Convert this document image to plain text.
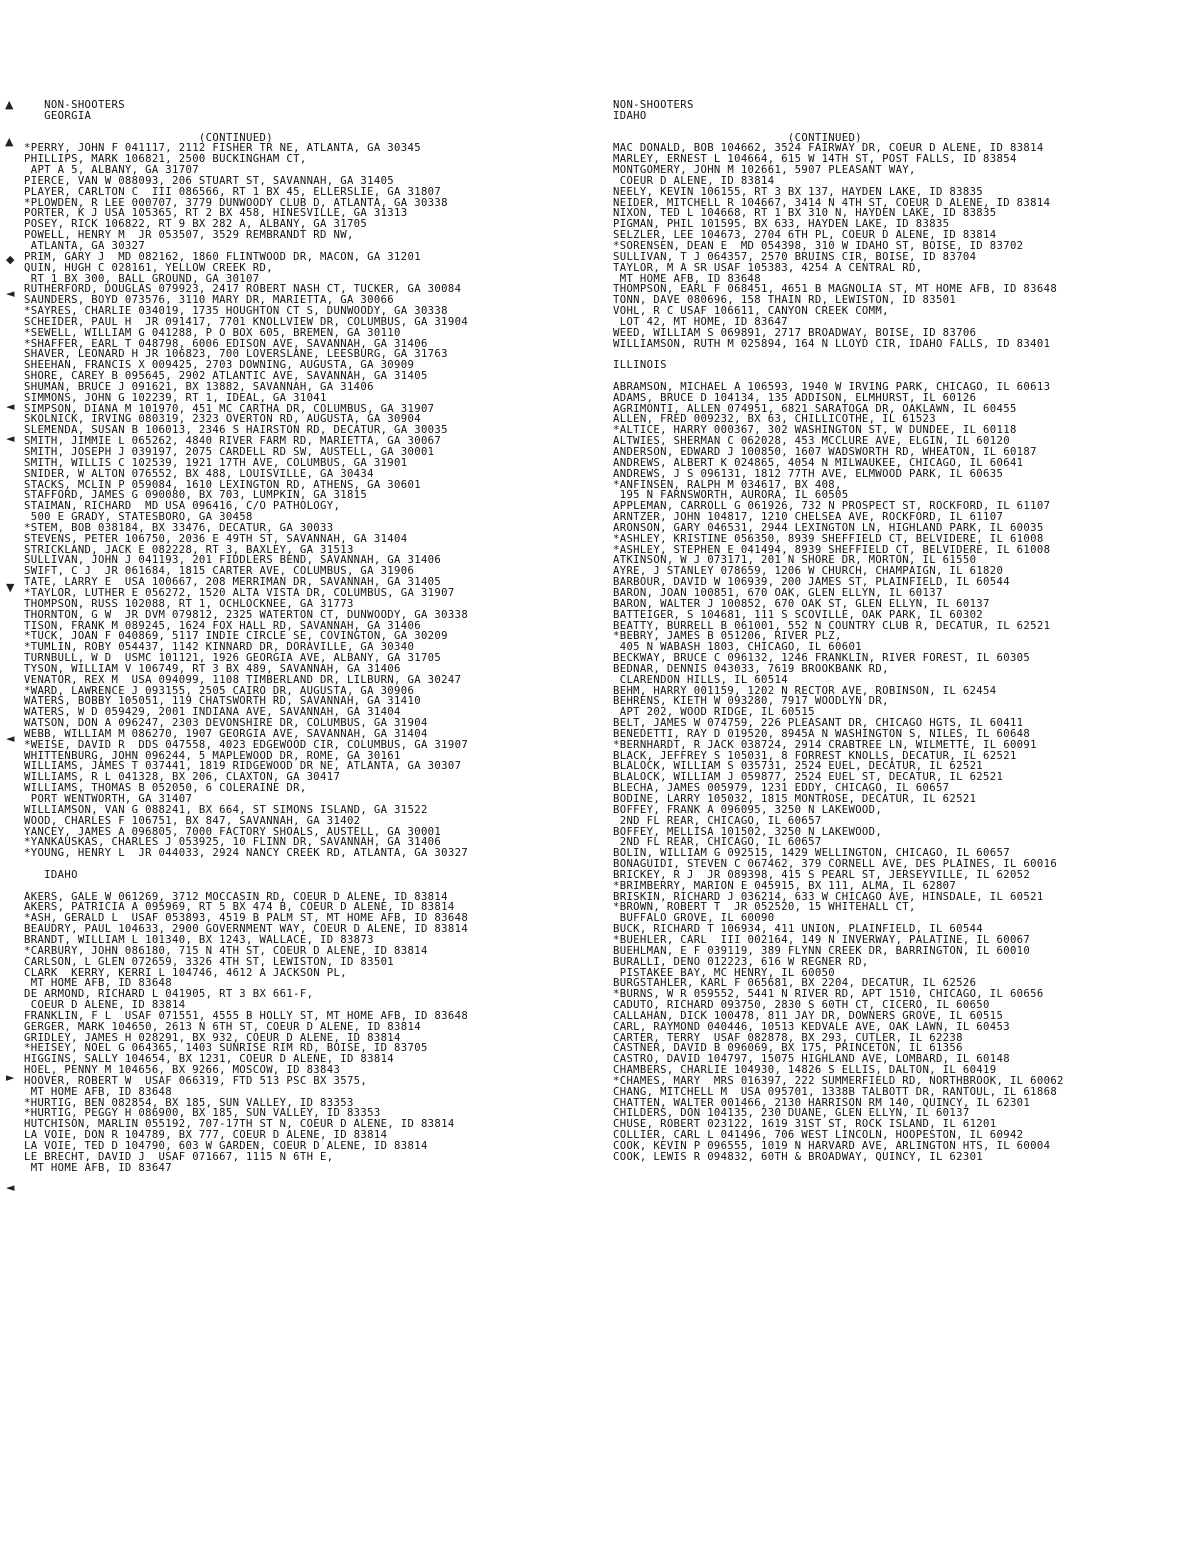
▲
▲
◆
◄
◄
◄
▼
◄
►
◄
NON-SHOOTERS
GEORGIA
(CONTINUED)
*PERRY, JOHN F 041117, 2112 FISHER TR NE, ATLANTA, GA 30345
PHILLIPS, MARK 106821, 2500 BUCKINGHAM CT,
APT A 5, ALBANY, GA 31707
PIERCE, VAN W 088093, 206 STUART ST, SAVANNAH, GA 31405
PLAYER, CARLTON C  III 086566, RT 1 BX 45, ELLERSLIE, GA 31807
*PLOWDEN, R LEE 000707, 3779 DUNWOODY CLUB D, ATLANTA, GA 30338
PORTER, K J USA 105365, RT 2 BX 458, HINESVILLE, GA 31313
POSEY, RICK 106822, RT 9 BX 282 A, ALBANY, GA 31705
POWELL, HENRY M  JR 053507, 3529 REMBRANDT RD NW,
ATLANTA, GA 30327
PRIM, GARY J  MD 082162, 1860 FLINTWOOD DR, MACON, GA 31201
QUIN, HUGH C 028161, YELLOW CREEK RD,
RT 1 BX 300, BALL GROUND, GA 30107
RUTHERFORD, DOUGLAS 079923, 2417 ROBERT NASH CT, TUCKER, GA 30084
SAUNDERS, BOYD 073576, 3110 MARY DR, MARIETTA, GA 30066
*SAYRES, CHARLIE 034019, 1735 HOUGHTON CT S, DUNWOODY, GA 30338
SCHEIDER, PAUL H  JR 091417, 7701 KNOLLVIEW DR, COLUMBUS, GA 31904
*SEWELL, WILLIAM G 041288, P O BOX 605, BREMEN, GA 30110
*SHAFFER, EARL T 048798, 6006 EDISON AVE, SAVANNAH, GA 31406
SHAVER, LEONARD H JR 106823, 700 LOVERSLANE, LEESBURG, GA 31763
SHEEHAN, FRANCIS X 009425, 2703 DOWNING, AUGUSTA, GA 30909
SHORE, CAREY B 095645, 2902 ATLANTIC AVE, SAVANNAH, GA 31405
SHUMAN, BRUCE J 091621, BX 13882, SAVANNAH, GA 31406
SIMMONS, JOHN G 102239, RT 1, IDEAL, GA 31041
SIMPSON, DIANA M 101970, 451 MC CARTHA DR, COLUMBUS, GA 31907
SKOLNICK, IRVING 080319, 2323 OVERTON RD, AUGUSTA, GA 30904
SLEMENDA, SUSAN B 106013, 2346 S HAIRSTON RD, DECATUR, GA 30035
SMITH, JIMMIE L 065262, 4840 RIVER FARM RD, MARIETTA, GA 30067
SMITH, JOSEPH J 039197, 2075 CARDELL RD SW, AUSTELL, GA 30001
SMITH, WILLIS C 102539, 1921 17TH AVE, COLUMBUS, GA 31901
SNIDER, W ALTON 076552, BX 488, LOUISVILLE, GA 30434
STACKS, MCLIN P 059084, 1610 LEXINGTON RD, ATHENS, GA 30601
STAFFORD, JAMES G 090080, BX 703, LUMPKIN, GA 31815
STAIMAN, RICHARD  MD USA 096416, C/O PATHOLOGY,
500 E GRADY, STATESBORO, GA 30458
*STEM, BOB 038184, BX 33476, DECATUR, GA 30033
STEVENS, PETER 106750, 2036 E 49TH ST, SAVANNAH, GA 31404
STRICKLAND, JACK E 082228, RT 3, BAXLEY, GA 31513
SULLIVAN, JOHN J 041193, 201 FIDDLERS BEND, SAVANNAH, GA 31406
SWIFT, C J  JR 061684, 1815 CARTER AVE, COLUMBUS, GA 31906
TATE, LARRY E  USA 100667, 208 MERRIMAN DR, SAVANNAH, GA 31405
*TAYLOR, LUTHER E 056272, 1520 ALTA VISTA DR, COLUMBUS, GA 31907
THOMPSON, RUSS 102088, RT 1, OCHLOCKNEE, GA 31773
THORNTON, G W  JR DVM 079812, 2325 WATERTON CT, DUNWOODY, GA 30338
TISON, FRANK M 089245, 1624 FOX HALL RD, SAVANNAH, GA 31406
*TUCK, JOAN F 040869, 5117 INDIE CIRCLE SE, COVINGTON, GA 30209
*TUMLIN, ROBY 054437, 1142 KINNARD DR, DORAVILLE, GA 30340
TURNBULL, W D  USMC 101121, 1926 GEORGIA AVE, ALBANY, GA 31705
TYSON, WILLIAM V 106749, RT 3 BX 489, SAVANNAH, GA 31406
VENATOR, REX M  USA 094099, 1108 TIMBERLAND DR, LILBURN, GA 30247
*WARD, LAWRENCE J 093155, 2505 CAIRO DR, AUGUSTA, GA 30906
WATERS, BOBBY 105051, 119 CHATSWORTH RD, SAVANNAH, GA 31410
WATERS, W D 059429, 2001 INDIANA AVE, SAVANNAH, GA 31404
WATSON, DON A 096247, 2303 DEVONSHIRE DR, COLUMBUS, GA 31904
WEBB, WILLIAM M 086270, 1907 GEORGIA AVE, SAVANNAH, GA 31404
*WEISE, DAVID R  DDS 047558, 4023 EDGEWOOD CIR, COLUMBUS, GA 31907
WHITTENBURG, JOHN 096244, 5 MAPLEWOOD DR, ROME, GA 30161
WILLIAMS, JAMES T 037441, 1819 RIDGEWOOD DR NE, ATLANTA, GA 30307
WILLIAMS, R L 041328, BX 206, CLAXTON, GA 30417
WILLIAMS, THOMAS B 052050, 6 COLERAINE DR,
PORT WENTWORTH, GA 31407
WILLIAMSON, VAN G 088241, BX 664, ST SIMONS ISLAND, GA 31522
WOOD, CHARLES F 106751, BX 847, SAVANNAH, GA 31402
YANCEY, JAMES A 096805, 7000 FACTORY SHOALS, AUSTELL, GA 30001
*YANKAUSKAS, CHARLES J 053925, 10 FLINN DR, SAVANNAH, GA 31406
*YOUNG, HENRY L  JR 044033, 2924 NANCY CREEK RD, ATLANTA, GA 30327
IDAHO
AKERS, GALE W 061269, 3712 MOCCASIN RD, COEUR D ALENE, ID 83814
AKERS, PATRICIA A 095969, RT 5 BX 474 B, COEUR D ALENE, ID 83814
*ASH, GERALD L  USAF 053893, 4519 B PALM ST, MT HOME AFB, ID 83648
BEAUDRY, PAUL 104633, 2900 GOVERNMENT WAY, COEUR D ALENE, ID 83814
BRANDT, WILLIAM L 101340, BX 1243, WALLACE, ID 83873
*CARBURY, JOHN 086180, 715 N 4TH ST, COEUR D ALENE, ID 83814
CARLSON, L GLEN 072659, 3326 4TH ST, LEWISTON, ID 83501
CLARK  KERRY, KERRI L 104746, 4612 A JACKSON PL,
MT HOME AFB, ID 83648
DE ARMOND, RICHARD L 041905, RT 3 BX 661-F,
COEUR D ALENE, ID 83814
FRANKLIN, F L  USAF 071551, 4555 B HOLLY ST, MT HOME AFB, ID 83648
GERGER, MARK 104650, 2613 N 6TH ST, COEUR D ALENE, ID 83814
GRIDLEY, JAMES H 028291, BX 932, COEUR D ALENE, ID 83814
*HEISEY, NOEL G 064365, 1403 SUNRISE RIM RD, BOISE, ID 83705
HIGGINS, SALLY 104654, BX 1231, COEUR D ALENE, ID 83814
HOEL, PENNY M 104656, BX 9266, MOSCOW, ID 83843
HOOVER, ROBERT W  USAF 066319, FTD 513 PSC BX 3575,
MT HOME AFB, ID 83648
*HURTIG, BEN 082854, BX 185, SUN VALLEY, ID 83353
*HURTIG, PEGGY H 086900, BX 185, SUN VALLEY, ID 83353
HUTCHISON, MARLIN 055192, 707-17TH ST N, COEUR D ALENE, ID 83814
LA VOIE, DON R 104789, BX 777, COEUR D ALENE, ID 83814
LA VOIE, TED D 104790, 603 W GARDEN, COEUR D ALENE, ID 83814
LE BRECHT, DAVID J  USAF 071667, 1115 N 6TH E,
MT HOME AFB, ID 83647
NON-SHOOTERS
IDAHO
(CONTINUED)
MAC DONALD, BOB 104662, 3524 FAIRWAY DR, COEUR D ALENE, ID 83814
MARLEY, ERNEST L 104664, 615 W 14TH ST, POST FALLS, ID 83854
MONTGOMERY, JOHN M 102661, 5907 PLEASANT WAY,
COEUR D ALENE, ID 83814
NEELY, KEVIN 106155, RT 3 BX 137, HAYDEN LAKE, ID 83835
NEIDER, MITCHELL R 104667, 3414 N 4TH ST, COEUR D ALENE, ID 83814
NIXON, TED L 104668, RT 1 BX 310 N, HAYDEN LAKE, ID 83835
PIGMAN, PHIL 101595, BX 633, HAYDEN LAKE, ID 83835
SELZLER, LEE 104673, 2704 6TH PL, COEUR D ALENE, ID 83814
*SORENSEN, DEAN E  MD 054398, 310 W IDAHO ST, BOISE, ID 83702
SULLIVAN, T J 064357, 2570 BRUINS CIR, BOISE, ID 83704
TAYLOR, M A SR USAF 105383, 4254 A CENTRAL RD,
MT HOME AFB, ID 83648
THOMPSON, EARL F 068451, 4651 B MAGNOLIA ST, MT HOME AFB, ID 83648
TONN, DAVE 080696, 158 THAIN RD, LEWISTON, ID 83501
VOHL, R C USAF 106611, CANYON CREEK COMM,
LOT 42, MT HOME, ID 83647
WEED, WILLIAM S 069891, 2717 BROADWAY, BOISE, ID 83706
WILLIAMSON, RUTH M 025894, 164 N LLOYD CIR, IDAHO FALLS, ID 83401
ILLINOIS
ABRAMSON, MICHAEL A 106593, 1940 W IRVING PARK, CHICAGO, IL 60613
ADAMS, BRUCE D 104134, 135 ADDISON, ELMHURST, IL 60126
AGRIMONTI, ALLEN 074951, 6821 SARATOGA DR, OAKLAWN, IL 60455
ALLEN, FRED 009232, BX 63, CHILLICOTHE, IL 61523
*ALTICE, HARRY 000367, 302 WASHINGTON ST, W DUNDEE, IL 60118
ALTWIES, SHERMAN C 062028, 453 MCCLURE AVE, ELGIN, IL 60120
ANDERSON, EDWARD J 100850, 1607 WADSWORTH RD, WHEATON, IL 60187
ANDREWS, ALBERT K 024865, 4054 N MILWAUKEE, CHICAGO, IL 60641
ANDREWS, J S 096131, 1812 77TH AVE, ELMWOOD PARK, IL 60635
*ANFINSEN, RALPH M 034617, BX 408,
195 N FARNSWORTH, AURORA, IL 60505
APPLEMAN, CARROLL G 061926, 732 N PROSPECT ST, ROCKFORD, IL 61107
ARNTZER, JOHN 104817, 1210 CHELSEA AVE, ROCKFORD, IL 61107
ARONSON, GARY 046531, 2944 LEXINGTON LN, HIGHLAND PARK, IL 60035
*ASHLEY, KRISTINE 056350, 8939 SHEFFIELD CT, BELVIDERE, IL 61008
*ASHLEY, STEPHEN E 041494, 8939 SHEFFIELD CT, BELVIDERE, IL 61008
ATKINSON, W J 073171, 201 N SHORE DR, MORTON, IL 61550
AYRE, J STANLEY 078659, 1206 W CHURCH, CHAMPAIGN, IL 61820
BARBOUR, DAVID W 106939, 200 JAMES ST, PLAINFIELD, IL 60544
BARON, JOAN 100851, 670 OAK, GLEN ELLYN, IL 60137
BARON, WALTER J 100852, 670 OAK ST, GLEN ELLYN, IL 60137
BATTEIGER, S 104681, 111 S SCOVILLE, OAK PARK, IL 60302
BEATTY, BURRELL B 061001, 552 N COUNTRY CLUB R, DECATUR, IL 62521
*BEBRY, JAMES B 051206, RIVER PLZ,
405 N WABASH 1803, CHICAGO, IL 60601
BECKWAY, BRUCE C 096132, 1246 FRANKLIN, RIVER FOREST, IL 60305
BEDNAR, DENNIS 043033, 7619 BROOKBANK RD,
CLARENDON HILLS, IL 60514
BEHM, HARRY 001159, 1202 N RECTOR AVE, ROBINSON, IL 62454
BEHRENS, KIETH W 093280, 7917 WOODLYN DR,
APT 202, WOOD RIDGE, IL 60515
BELT, JAMES W 074759, 226 PLEASANT DR, CHICAGO HGTS, IL 60411
BENEDETTI, RAY D 019520, 8945A N WASHINGTON S, NILES, IL 60648
*BERNHARDT, R JACK 038724, 2914 CRABTREE LN, WILMETTE, IL 60091
BLACK, JEFFREY S 105031, 8 FORREST KNOLLS, DECATUR, IL 62521
BLALOCK, WILLIAM S 035731, 2524 EUEL, DECATUR, IL 62521
BLALOCK, WILLIAM J 059877, 2524 EUEL ST, DECATUR, IL 62521
BLECHA, JAMES 005979, 1231 EDDY, CHICAGO, IL 60657
BODINE, LARRY 105032, 1815 MONTROSE, DECATUR, IL 62521
BOFFEY, FRANK A 096095, 3250 N LAKEWOOD,
2ND FL REAR, CHICAGO, IL 60657
BOFFEY, MELLISA 101502, 3250 N LAKEWOOD,
2ND FL REAR, CHICAGO, IL 60657
BOLIN, WILLIAM G 092515, 1429 WELLINGTON, CHICAGO, IL 60657
BONAGUIDI, STEVEN C 067462, 379 CORNELL AVE, DES PLAINES, IL 60016
BRICKEY, R J  JR 089398, 415 S PEARL ST, JERSEYVILLE, IL 62052
*BRIMBERRY, MARION E 045915, BX 111, ALMA, IL 62807
BRISKIN, RICHARD J 036214, 633 W CHICAGO AVE, HINSDALE, IL 60521
*BROWN, ROBERT T  JR 052520, 15 WHITEHALL CT,
BUFFALO GROVE, IL 60090
BUCK, RICHARD T 106934, 411 UNION, PLAINFIELD, IL 60544
*BUEHLER, CARL  III 002164, 149 N INVERWAY, PALATINE, IL 60067
BUEHLMAN, E F 039119, 389 FLYNN CREEK DR, BARRINGTON, IL 60010
BURALLI, DENO 012223, 616 W REGNER RD,
PISTAKEE BAY, MC HENRY, IL 60050
BURGSTAHLER, KARL F 065681, BX 2204, DECATUR, IL 62526
*BURNS, W R 059552, 5441 N RIVER RD, APT 1510, CHICAGO, IL 60656
CADUTO, RICHARD 093750, 2830 S 60TH CT, CICERO, IL 60650
CALLAHAN, DICK 100478, 811 JAY DR, DOWNERS GROVE, IL 60515
CARL, RAYMOND 040446, 10513 KEDVALE AVE, OAK LAWN, IL 60453
CARTER, TERRY  USAF 082878, BX 293, CUTLER, IL 62238
CASTNER, DAVID B 096069, BX 175, PRINCETON, IL 61356
CASTRO, DAVID 104797, 15075 HIGHLAND AVE, LOMBARD, IL 60148
CHAMBERS, CHARLIE 104930, 14826 S ELLIS, DALTON, IL 60419
*CHAMES, MARY  MRS 016397, 222 SUMMERFIELD RD, NORTHBROOK, IL 60062
CHANG, MITCHELL M  USA 095701, 1338B TALBOTT DR, RANTOUL, IL 61868
CHATTEN, WALTER 001466, 2130 HARRISON RM 140, QUINCY, IL 62301
CHILDERS, DON 104135, 230 DUANE, GLEN ELLYN, IL 60137
CHUSE, ROBERT 023122, 1619 31ST ST, ROCK ISLAND, IL 61201
COLLIER, CARL L 041496, 706 WEST LINCOLN, HOOPESTON, IL 60942
COOK, KEVIN P 096555, 1019 N HARVARD AVE, ARLINGTON HTS, IL 60004
COOK, LEWIS R 094832, 60TH & BROADWAY, QUINCY, IL 62301
